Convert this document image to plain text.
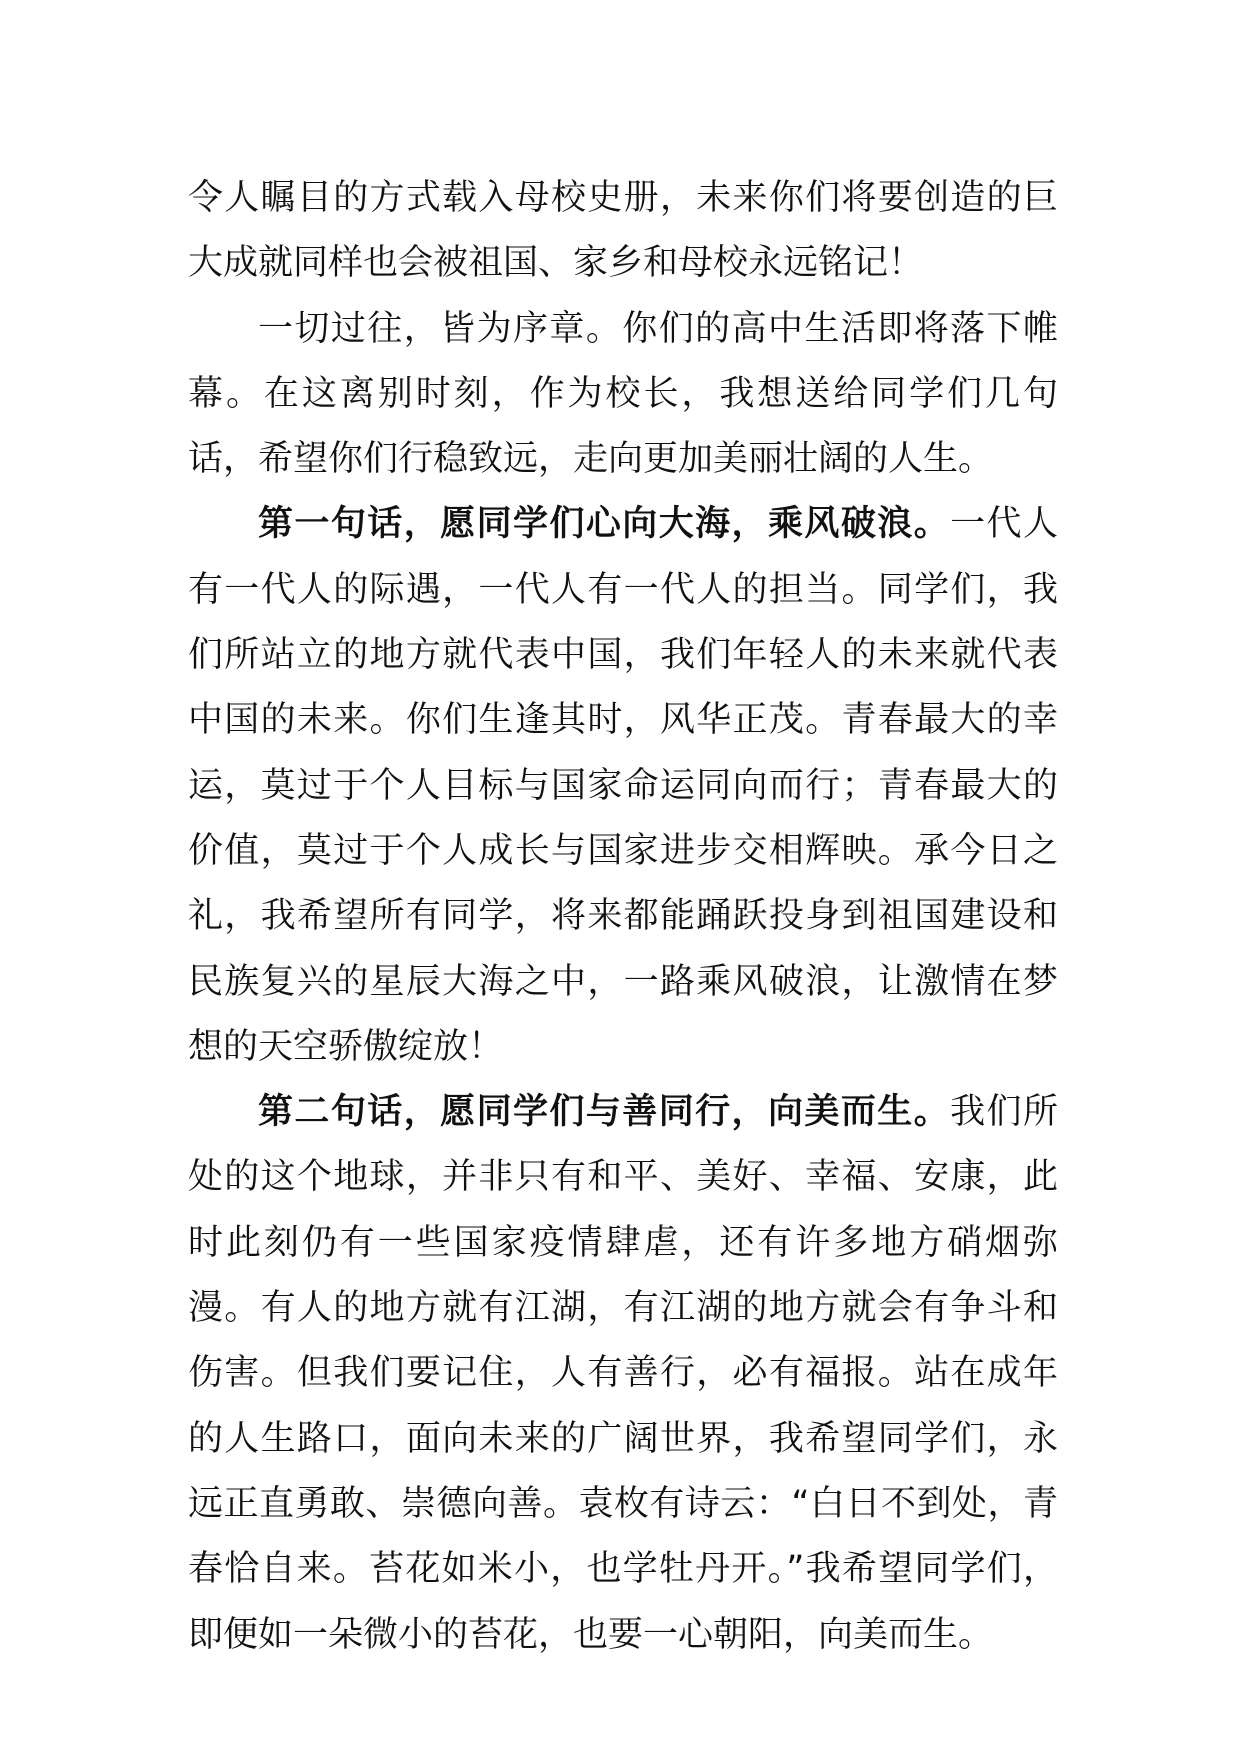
令人瞩目的方式载入母校史册，未来你们将要创造的巨大成就同样也会被祖国、家乡和母校永远铭记！

一切过往，皆为序章。你们的高中生活即将落下帷幕。在这离别时刻，作为校长，我想送给同学们几句话，希望你们行稳致远，走向更加美丽壮阔的人生。

第一句话，愿同学们心向大海，乘风破浪。一代人有一代人的际遇，一代人有一代人的担当。同学们，我们所站立的地方就代表中国，我们年轻人的未来就代表中国的未来。你们生逢其时，风华正茂。青春最大的幸运，莫过于个人目标与国家命运同向而行；青春最大的价值，莫过于个人成长与国家进步交相辉映。承今日之礼，我希望所有同学，将来都能踊跃投身到祖国建设和民族复兴的星辰大海之中，一路乘风破浪，让激情在梦想的天空骄傲绽放！

第二句话，愿同学们与善同行，向美而生。我们所处的这个地球，并非只有和平、美好、幸福、安康，此时此刻仍有一些国家疫情肆虐，还有许多地方硝烟弥漫。有人的地方就有江湖，有江湖的地方就会有争斗和伤害。但我们要记住，人有善行，必有福报。站在成年的人生路口，面向未来的广阔世界，我希望同学们，永远正直勇敢、崇德向善。袁枚有诗云：“白日不到处，青春恰自来。苔花如米小，也学牡丹开。”我希望同学们，即便如一朵微小的苔花，也要一心朝阳，向美而生。
